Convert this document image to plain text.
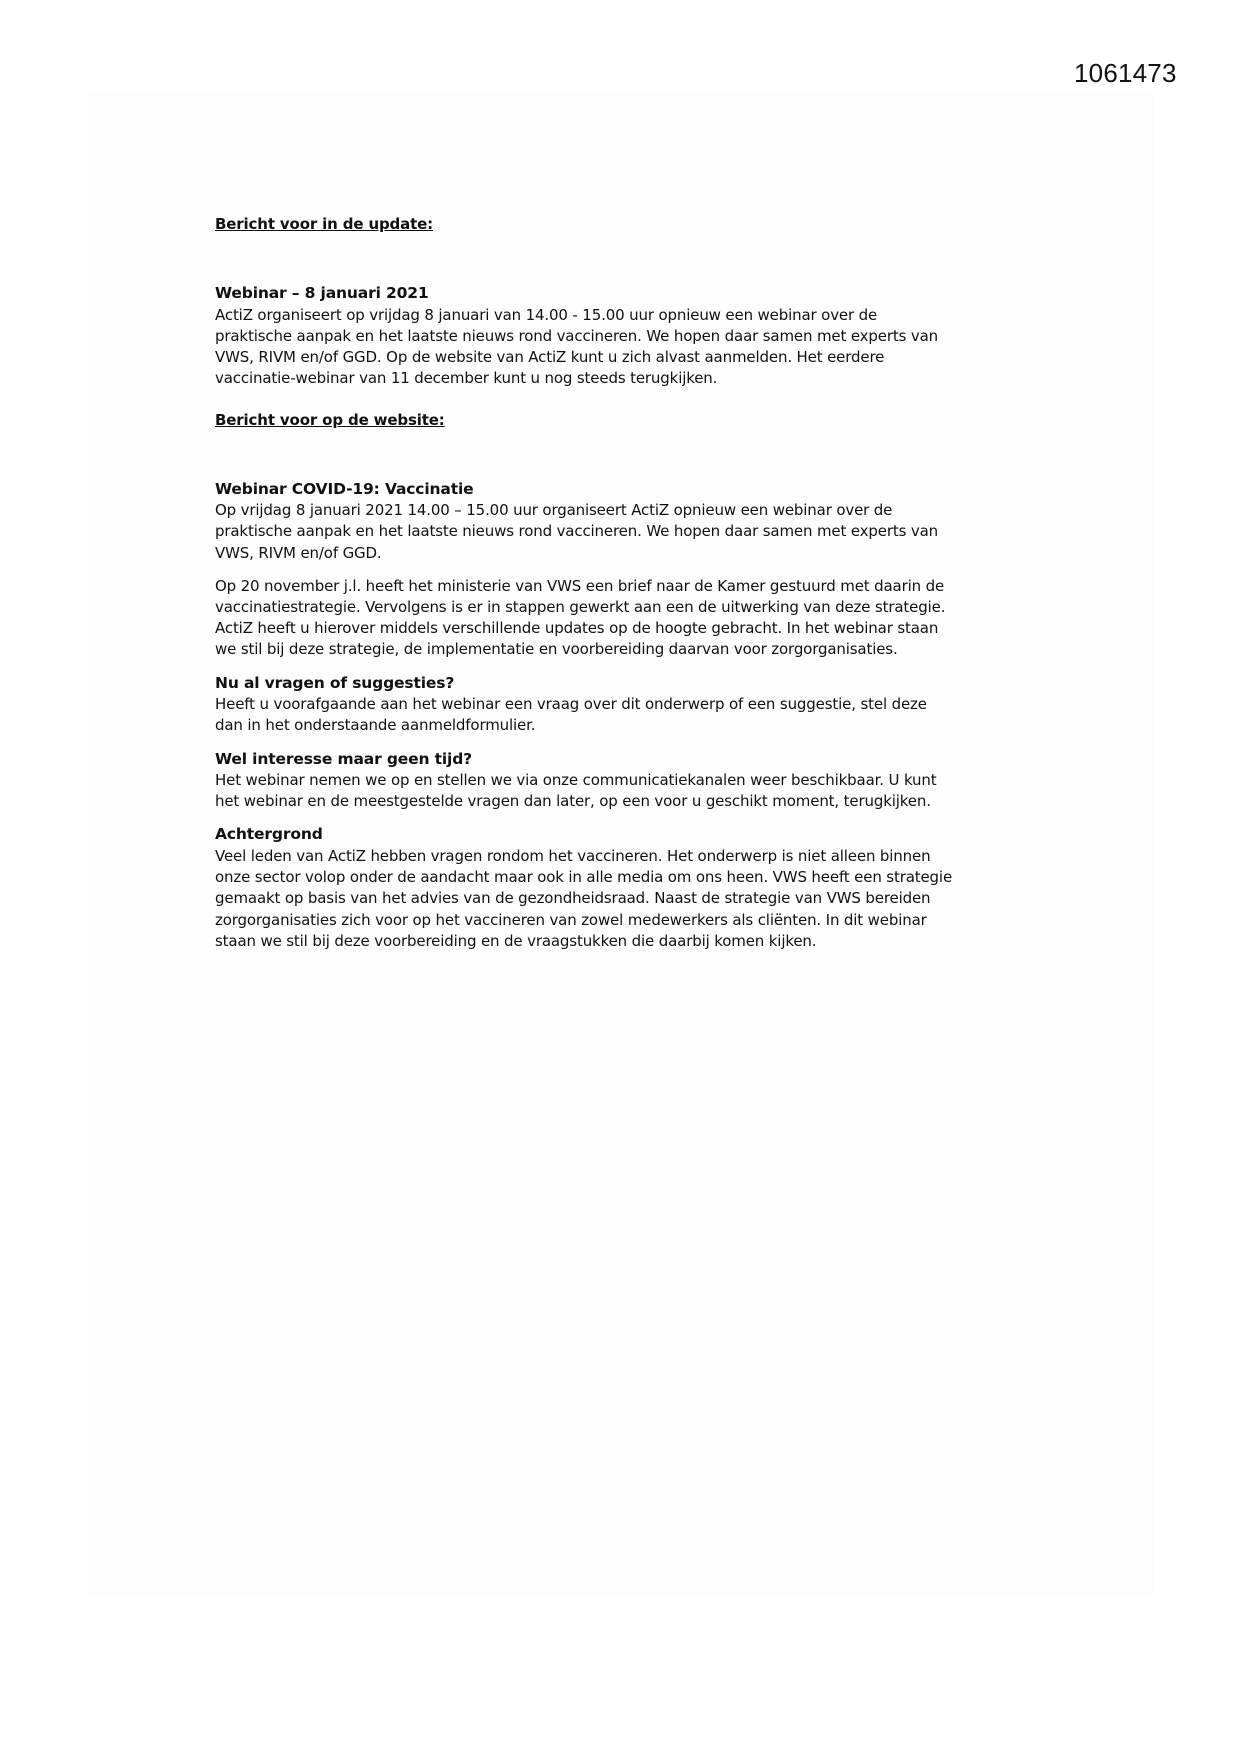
1061473

Bericht voor in de update:

Webinar – 8 januari 2021

ActiZ organiseert op vrijdag 8 januari van 14.00 - 15.00 uur opnieuw een webinar over de

praktische aanpak en het laatste nieuws rond vaccineren. We hopen daar samen met experts van

VWS, RIVM en/of GGD. Op de website van ActiZ kunt u zich alvast aanmelden. Het eerdere

vaccinatie-webinar van 11 december kunt u nog steeds terugkijken.

Bericht voor op de website:

Webinar COVID-19: Vaccinatie

Op vrijdag 8 januari 2021 14.00 – 15.00 uur organiseert ActiZ opnieuw een webinar over de

praktische aanpak en het laatste nieuws rond vaccineren. We hopen daar samen met experts van

VWS, RIVM en/of GGD.

Op 20 november j.l. heeft het ministerie van VWS een brief naar de Kamer gestuurd met daarin de

vaccinatiestrategie. Vervolgens is er in stappen gewerkt aan een de uitwerking van deze strategie.

ActiZ heeft u hierover middels verschillende updates op de hoogte gebracht. In het webinar staan

we stil bij deze strategie, de implementatie en voorbereiding daarvan voor zorgorganisaties.

Nu al vragen of suggesties?

Heeft u voorafgaande aan het webinar een vraag over dit onderwerp of een suggestie, stel deze

dan in het onderstaande aanmeldformulier.

Wel interesse maar geen tijd?

Het webinar nemen we op en stellen we via onze communicatiekanalen weer beschikbaar. U kunt

het webinar en de meestgestelde vragen dan later, op een voor u geschikt moment, terugkijken.

Achtergrond

Veel leden van ActiZ hebben vragen rondom het vaccineren. Het onderwerp is niet alleen binnen

onze sector volop onder de aandacht maar ook in alle media om ons heen. VWS heeft een strategie

gemaakt op basis van het advies van de gezondheidsraad. Naast de strategie van VWS bereiden

zorgorganisaties zich voor op het vaccineren van zowel medewerkers als cliënten. In dit webinar

staan we stil bij deze voorbereiding en de vraagstukken die daarbij komen kijken.
